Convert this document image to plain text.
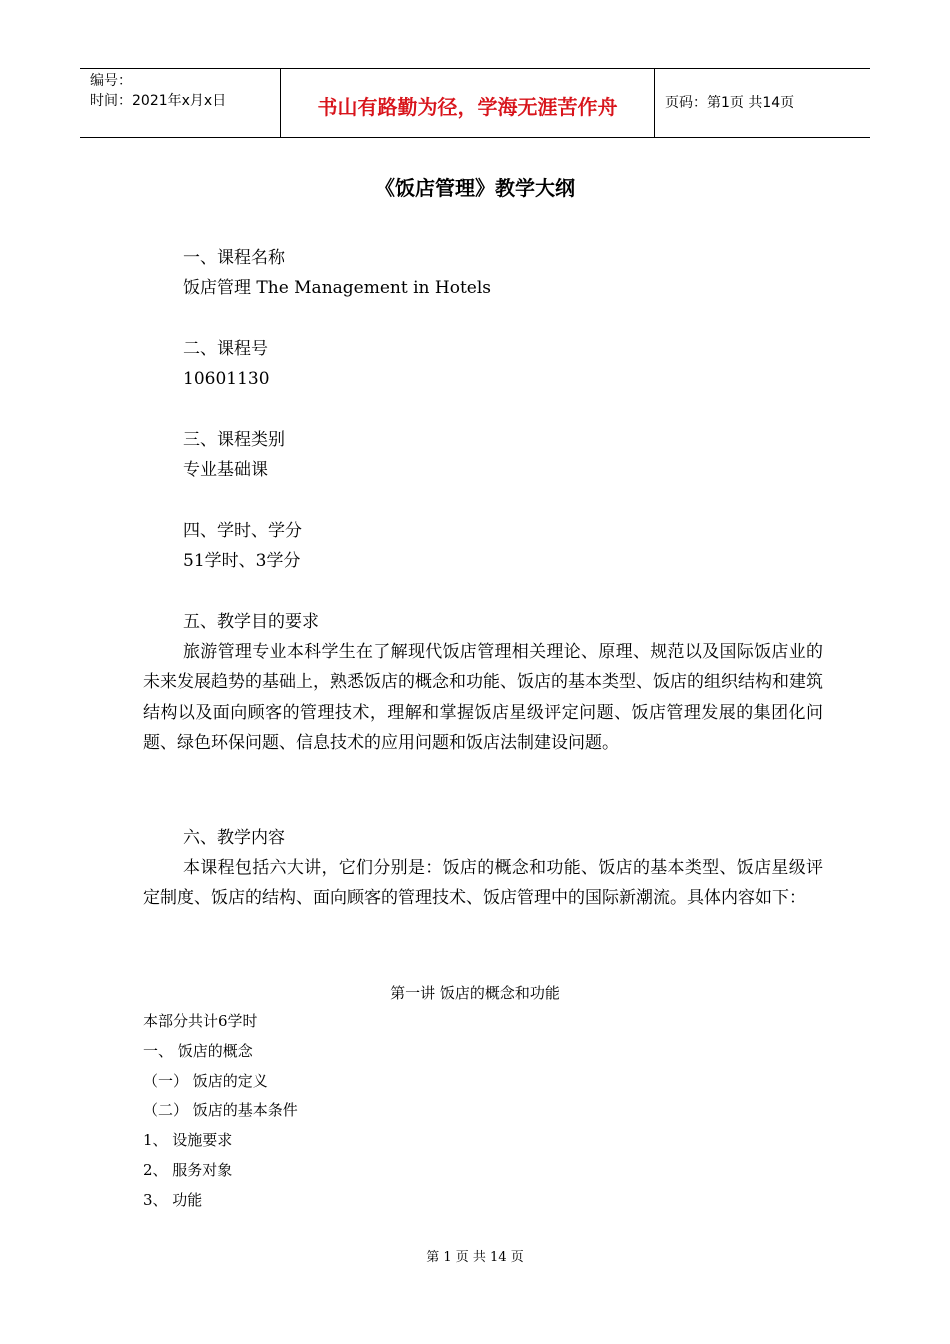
编号：
时间：2021年x月x日	书山有路勤为径，学海无涯苦作舟	页码：第1页 共14页
《饭店管理》教学大纲
一、课程名称
饭店管理 The Management in Hotels
二、课程号
10601130
三、课程类别
专业基础课
四、学时、学分
51学时、3学分
五、教学目的要求

旅游管理专业本科学生在了解现代饭店管理相关理论、原理、规范以及国际饭店业的未来发展趋势的基础上，熟悉饭店的概念和功能、饭店的基本类型、饭店的组织结构和建筑结构以及面向顾客的管理技术，理解和掌握饭店星级评定问题、饭店管理发展的集团化问题、绿色环保问题、信息技术的应用问题和饭店法制建设问题。

六、教学内容

本课程包括六大讲，它们分别是：饭店的概念和功能、饭店的基本类型、饭店星级评定制度、饭店的结构、面向顾客的管理技术、饭店管理中的国际新潮流。具体内容如下：

第一讲 饭店的概念和功能
本部分共计6学时
一、 饭店的概念
（一） 饭店的定义
（二） 饭店的基本条件
1、 设施要求
2、 服务对象
3、 功能
第 1 页 共 14 页
